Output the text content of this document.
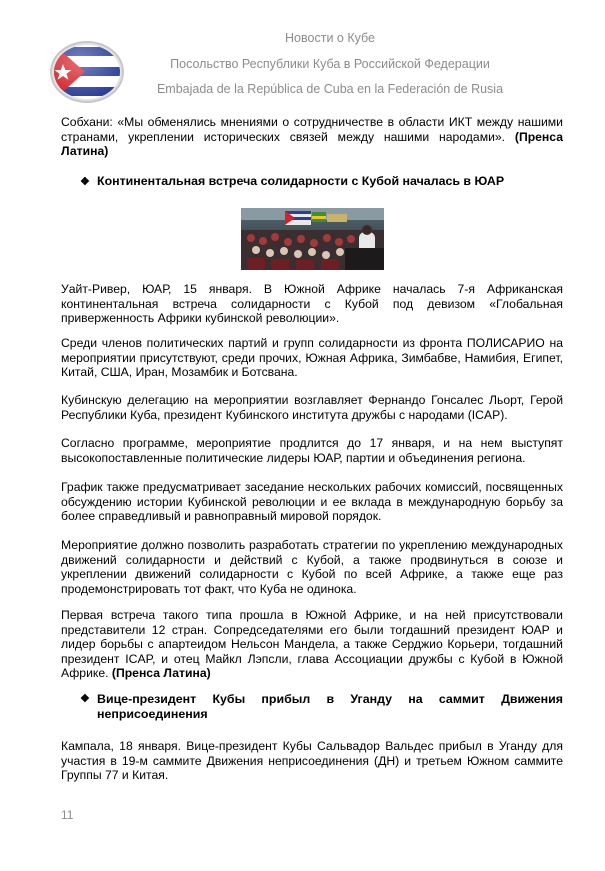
Новости о Кубе
Посольство Республики Куба в Российской Федерации
Embajada de la República de Cuba en la Federación de Rusia
Собхани: «Мы обменялись мнениями о сотрудничестве в области ИКТ между нашими странами, укреплении исторических связей между нашими народами». (Пренса Латина)
❖ Континентальная встреча солидарности с Кубой началась в ЮАР
Уайт-Ривер, ЮАР, 15 января. В Южной Африке началась 7-я Африканская континентальная встреча солидарности с Кубой под девизом «Глобальная приверженность Африки кубинской революции».
Среди членов политических партий и групп солидарности из фронта ПОЛИСАРИО на мероприятии присутствуют, среди прочих, Южная Африка, Зимбабве, Намибия, Египет, Китай, США, Иран, Мозамбик и Ботсвана.
Кубинскую делегацию на мероприятии возглавляет Фернандо Гонсалес Льорт, Герой Республики Куба, президент Кубинского института дружбы с народами (ICAP).
Согласно программе, мероприятие продлится до 17 января, и на нем выступят высокопоставленные политические лидеры ЮАР, партии и объединения региона.
График также предусматривает заседание нескольких рабочих комиссий, посвященных обсуждению истории Кубинской революции и ее вклада в международную борьбу за более справедливый и равноправный мировой порядок.
Мероприятие должно позволить разработать стратегии по укреплению международных движений солидарности и действий с Кубой, а также продвинуться в союзе и укреплении движений солидарности с Кубой по всей Африке, а также еще раз продемонстрировать тот факт, что Куба не одинока.
Первая встреча такого типа прошла в Южной Африке, и на ней присутствовали представители 12 стран. Сопредседателями его были тогдашний президент ЮАР и лидер борьбы с апартеидом Нельсон Мандела, а также Серджио Корьери, тогдашний президент ICAP, и отец Майкл Лэпсли, глава Ассоциации дружбы с Кубой в Южной Африке. (Пренса Латина)
❖ Вице-президент Кубы прибыл в Уганду на саммит Движения
неприсоединения
Кампала, 18 января. Вице-президент Кубы Сальвадор Вальдес прибыл в Уганду для участия в 19-м саммите Движения неприсоединения (ДН) и третьем Южном саммите Группы 77 и Китая.
11
